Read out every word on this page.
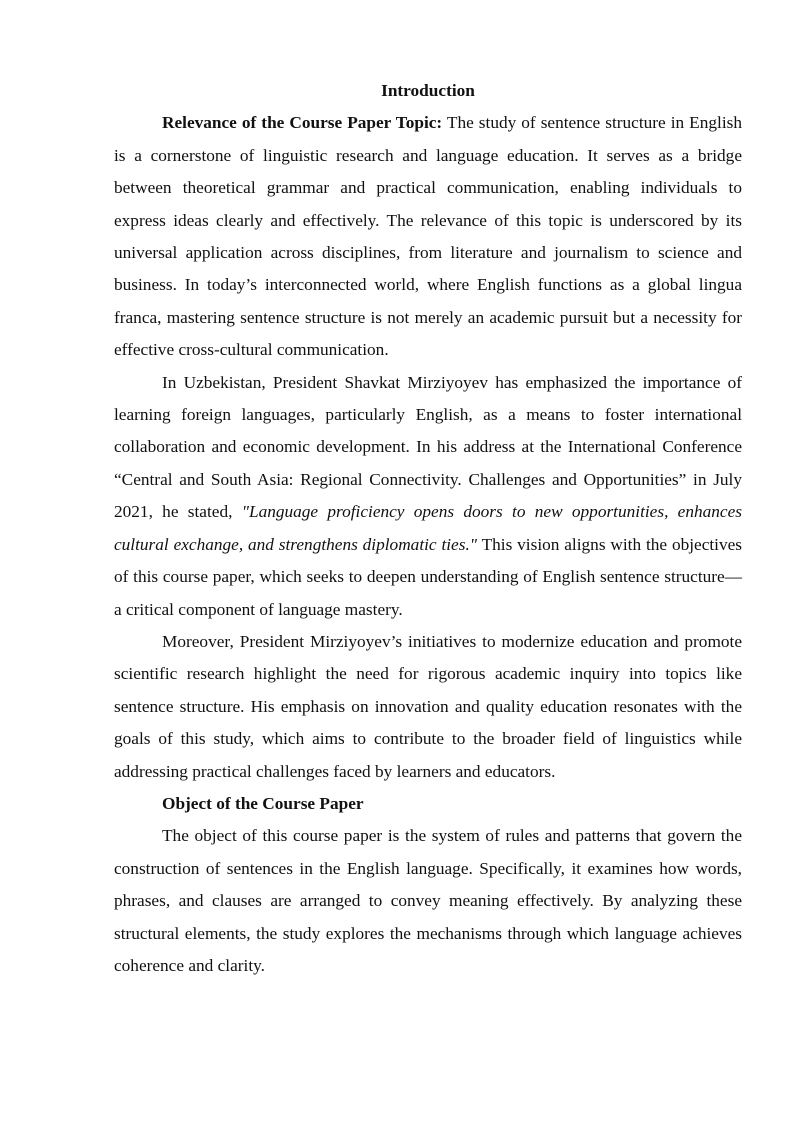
Introduction

Relevance of the Course Paper Topic: The study of sentence structure in English is a cornerstone of linguistic research and language education. It serves as a bridge between theoretical grammar and practical communication, enabling individuals to express ideas clearly and effectively. The relevance of this topic is underscored by its universal application across disciplines, from literature and journalism to science and business. In today’s interconnected world, where English functions as a global lingua franca, mastering sentence structure is not merely an academic pursuit but a necessity for effective cross-cultural communication.

In Uzbekistan, President Shavkat Mirziyoyev has emphasized the importance of learning foreign languages, particularly English, as a means to foster international collaboration and economic development. In his address at the International Conference “Central and South Asia: Regional Connectivity. Challenges and Opportunities” in July 2021, he stated, "Language proficiency opens doors to new opportunities, enhances cultural exchange, and strengthens diplomatic ties." This vision aligns with the objectives of this course paper, which seeks to deepen understanding of English sentence structure—a critical component of language mastery.

Moreover, President Mirziyoyev’s initiatives to modernize education and promote scientific research highlight the need for rigorous academic inquiry into topics like sentence structure. His emphasis on innovation and quality education resonates with the goals of this study, which aims to contribute to the broader field of linguistics while addressing practical challenges faced by learners and educators.

Object of the Course Paper

The object of this course paper is the system of rules and patterns that govern the construction of sentences in the English language. Specifically, it examines how words, phrases, and clauses are arranged to convey meaning effectively. By analyzing these structural elements, the study explores the mechanisms through which language achieves coherence and clarity.
